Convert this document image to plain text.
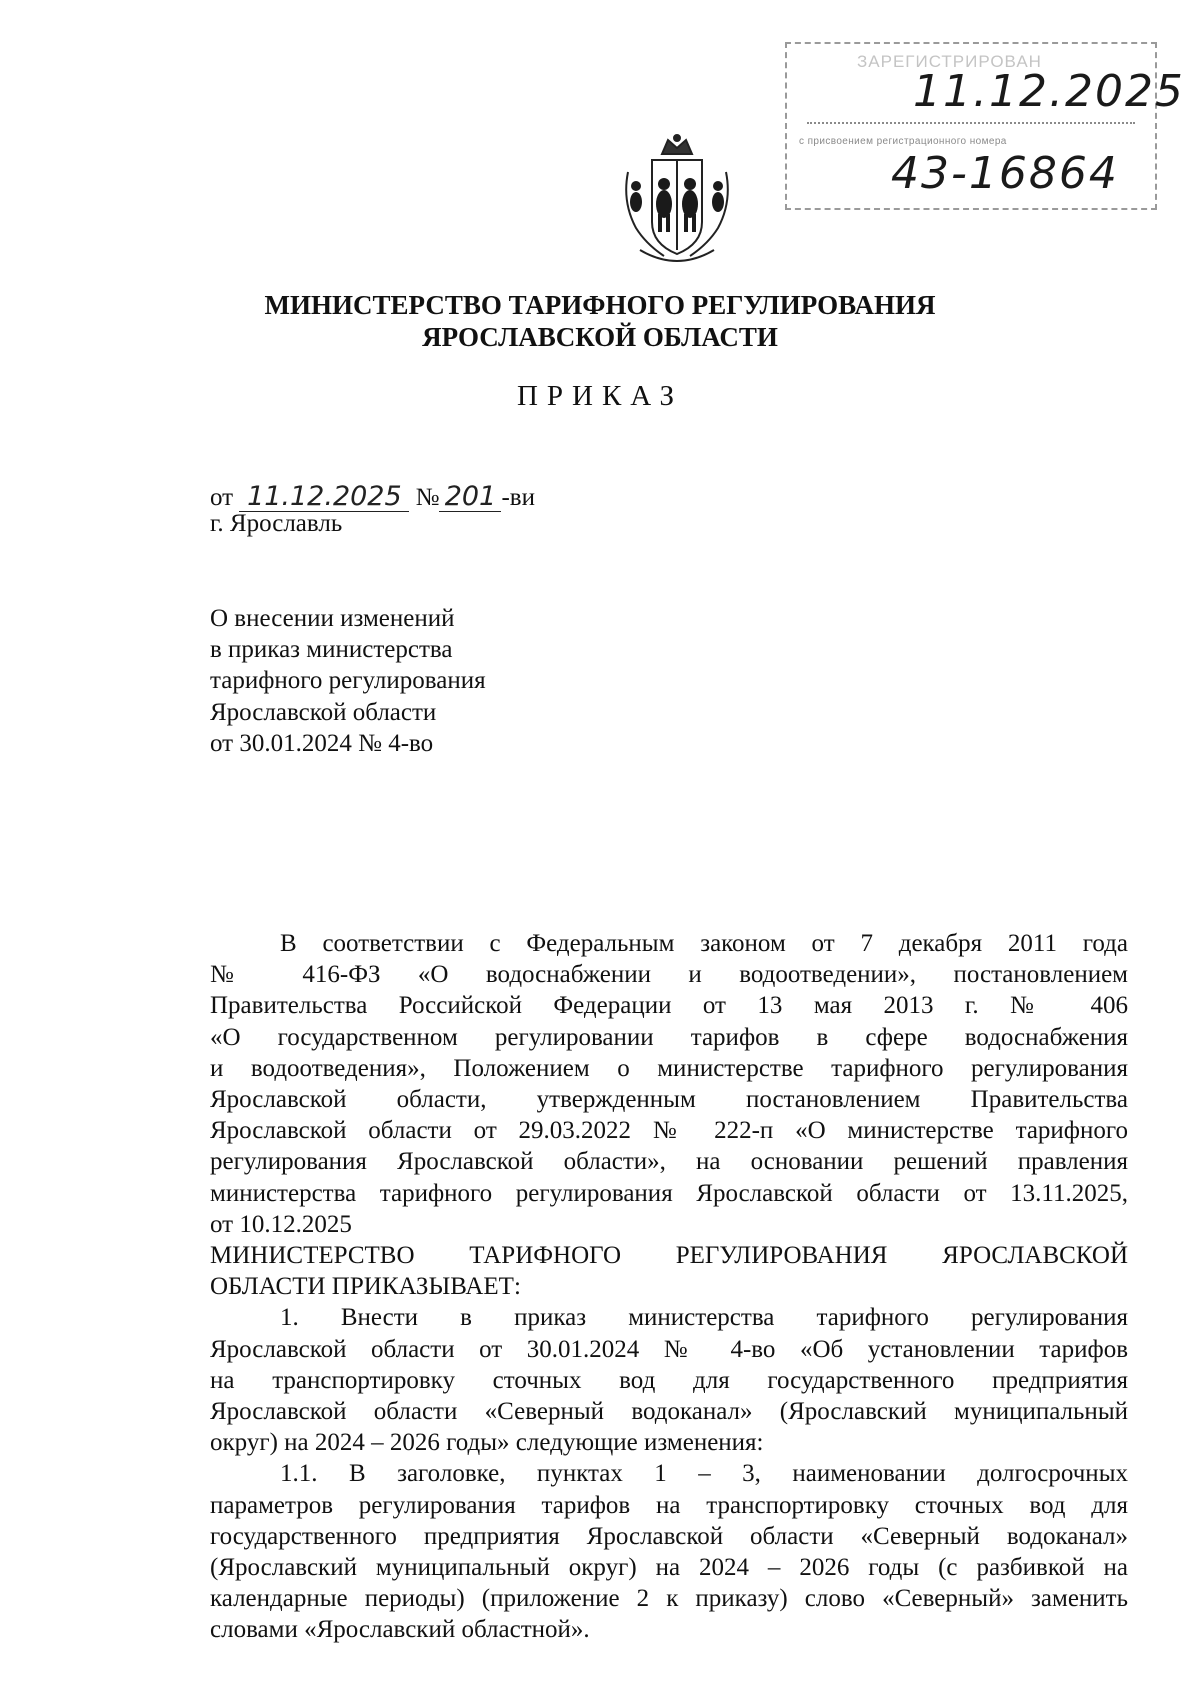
ЗАРЕГИСТРИРОВАН
11.12.2025
с присвоением регистрационного номера
43-16864
МИНИСТЕРСТВО ТАРИФНОГО РЕГУЛИРОВАНИЯ
ЯРОСЛАВСКОЙ ОБЛАСТИ
ПРИКАЗ
от 11.12.2025 № 201 -ви
г. Ярославль
О внесении изменений
в приказ министерства
тарифного регулирования
Ярославской области
от 30.01.2024 № 4-во
В соответствии с Федеральным законом от 7 декабря 2011 года
№ 416-ФЗ «О водоснабжении и водоотведении», постановлением
Правительства Российской Федерации от 13 мая 2013 г. № 406
«О государственном регулировании тарифов в сфере водоснабжения
и водоотведения», Положением о министерстве тарифного регулирования
Ярославской области, утвержденным постановлением Правительства
Ярославской области от 29.03.2022 № 222-п «О министерстве тарифного
регулирования Ярославской области», на основании решений правления
министерства тарифного регулирования Ярославской области от 13.11.2025,
от 10.12.2025
МИНИСТЕРСТВО ТАРИФНОГО РЕГУЛИРОВАНИЯ ЯРОСЛАВСКОЙ
ОБЛАСТИ ПРИКАЗЫВАЕТ:
1. Внести в приказ министерства тарифного регулирования
Ярославской области от 30.01.2024 № 4-во «Об установлении тарифов
на транспортировку сточных вод для государственного предприятия
Ярославской области «Северный водоканал» (Ярославский муниципальный
округ) на 2024 – 2026 годы» следующие изменения:
1.1. В заголовке, пунктах 1 – 3, наименовании долгосрочных
параметров регулирования тарифов на транспортировку сточных вод для
государственного предприятия Ярославской области «Северный водоканал»
(Ярославский муниципальный округ) на 2024 – 2026 годы (с разбивкой на
календарные периоды) (приложение 2 к приказу) слово «Северный» заменить
словами «Ярославский областной».
